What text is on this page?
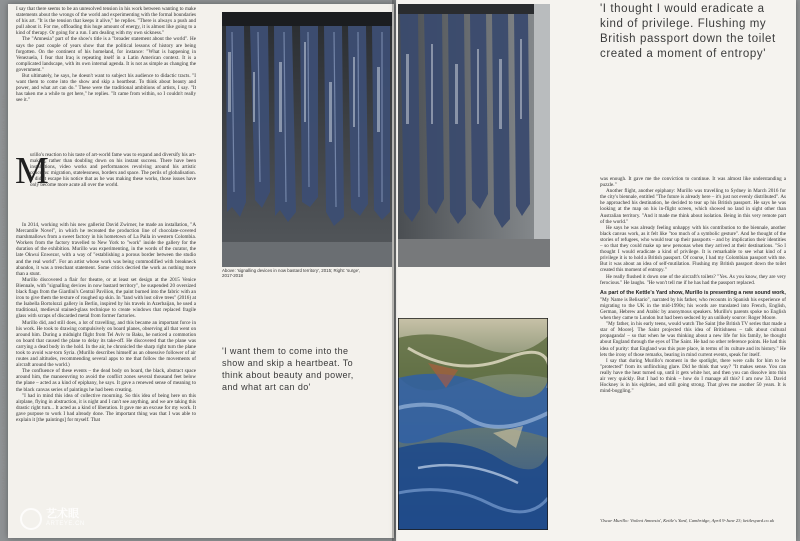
PHOTOGRAPHS BY MATTHEW HOLLOW; PREVIOUS COURTESY THE ARTIST AND DAVID ZWIRNER, LONDON AND NEW YORK; ON THIS PAGE: MATTHEW HOLLOW; KETTLE'S YARD AND THE ARTIST; INSTALLATION VIEW, BERLIN

I say that there seems to be an unresolved tension in his work between wanting to make statements about the wrongs of the world and experimenting with the formal boundaries of his art. "It is the tension that keeps it alive," he replies. "There is always a push and pull about it. For me, offloading this huge amount of energy, it is almost like going to a kind of therapy. Or going for a run. I am dealing with my own sickness."

The "Amnesia" part of the show's title is a "broader statement about the world". He says the past couple of years show that the political lessons of history are being forgotten. On the continent of his homeland, for instance: "What is happening in Venezuela, I fear that Iraq is repeating itself in a Latin American context. It is a complicated landscape, with its own internal agenda. It is not as simple as changing the government."

But ultimately, he says, he doesn't want to subject his audience to didactic tracts. "I want them to come into the show and skip a heartbeat. To think about beauty and power, and what art can do." These were the traditional ambitions of artists, I say. "It has taken me a while to get here," he replies. "It came from within, so I couldn't really see it."

M

urillo's reaction to his taste of art-world fame was to expand and diversify his art-making, rather than doubling down on his instant success. There have been installations, video works and performances revolving around his artistic concerns: migration, statelessness, borders and space. The perils of globalisation. It didn't escape his notice that as he was making these works, those issues have only become more acute all over the world.

In 2014, working with his new gallerist David Zwirner, he made an installation, "A Mercantile Novel", in which he recreated the production line of chocolate-covered marshmallows from a sweet factory in his hometown of La Paila in western Colombia. Workers from the factory travelled to New York to "work" inside the gallery for the duration of the exhibition. Murillo was experimenting, in the words of the curator, the late Okwui Enwezor, with a way of "establishing a porous border between the studio and the real world". For an artist whose work was being commodified with breakneck abandon, it was a trenchant statement. Some critics decried the work as nothing more than a stunt.

Murillo discovered a flair for theatre, or at least set design at the 2015 Venice Biennale, with "signalling devices in now bastard territory", he suspended 20 oversized black flags from the Giardini's Central Pavilion, the paint burned into the fabric with an iron to give them the texture of roughed up skin. In "land with lost olive trees" (2016) at the Isabella Bortolozzi gallery in Berlin, inspired by his travels in Azerbaijan, he used a traditional, medieval stained-glass technique to create windows that replaced fragile glass with scraps of discarded metal from former factories.

Murillo did, and still does, a lot of travelling, and this became an important force in his work. He took to drawing compulsively on board planes, observing all that went on around him. During a midnight flight from Tel Aviv to Baku, he noticed a commotion on board that caused the plane to delay its take-off. He discovered that the plane was carrying a dead body in the hold. In the air, he chronicled the sharp right turn the plane took to avoid war-torn Syria. (Murillo describes himself as an obsessive follower of air routes and altitudes, recommending several apps to me that follow the movements of aircraft around the world.)

The confluence of these events – the dead body on board, the black, abstract space around him, the manoeuvring to avoid the conflict zones several thousand feet below the plane – acted as a kind of epiphany, he says. It gave a renewed sense of meaning to the black canvas series of paintings he had been creating.

"I had in mind this idea of collective mourning. So this idea of being here on this airplane, flying in abstraction, it is night and I can't see anything, and we are taking this drastic right turn... It acted as a kind of liberation. It gave me an excuse for my work. It gave purpose to work I had already done. The important thing was that I was able to explain it [the paintings] for myself. That

Above: 'signalling devices in now bastard territory', 2015; Right: 'surge', 2017-2018
'I want them to come into the show and skip a heartbeat. To think about beauty and power, and what art can do'
'I thought I would eradicate a kind of privilege. Flushing my British passport down the toilet created a moment of entropy'

was enough. It gave me the conviction to continue. It was almost like understanding a puzzle."

Another flight, another epiphany: Murillo was travelling to Sydney in March 2016 for the city's biennale, entitled "The future is already here – it's just not evenly distributed". As he approached his destination, he decided to tear up his British passport. He says he was looking at the map on his in-flight screen, which showed no land in sight other than Australian territory. "And it made me think about isolation. Being in this very remote part of the world."

He says he was already feeling unhappy with his contribution to the biennale, another black canvas work, as it felt like "too much of a symbolic gesture". And he thought of the stories of refugees, who would tear up their passports – and by implication their identities – so that they could make up new personas when they arrived at their destinations. "So I thought I would eradicate a kind of privilege. It is remarkable to see what kind of a privilege it is to hold a British passport. Of course, I had my Colombian passport with me. But it was about an idea of self-mutilation. Flushing my British passport down the toilet created this moment of entropy."

He really flushed it down one of the aircraft's toilets? "Yes. As you know, they are very ferocious." He laughs. "He won't tell me if he has had the passport replaced.

As part of the Kettle's Yard show, Murillo is presenting a new sound work,

"My Name is Belisario", narrated by his father, who recounts in Spanish his experience of migrating to the UK in the mid-1990s; his words are translated into French, English, German, Hebrew and Arabic by anonymous speakers. Murillo's parents spoke no English when they came to London but had been seduced by an unlikely source: Roger Moore.

"My father, in his early teens, would watch The Saint [the British TV series that made a star of Moore]. The Saint projected this idea of Britishness – talk about cultural propaganda! – so that when he was thinking about a new life for his family, he thought about England through the eyes of The Saint. He had no other reference points. He had this idea of purity: that England was this pure place, in terms of its culture and its history." He lets the irony of those remarks, bearing in mind current events, speak for itself.

I say that during Murillo's moment in the spotlight, there were calls for him to be "protected" from its unflinching glare. Did he think that way? "It makes sense. You can really have the heat turned up, until it gets white hot, and then you can dissolve into thin air very quickly. But I had to think – how do I manage all this? I am now 33. David Hockney is in his eighties, and still going strong. That gives me another 50 years. It is mind-boggling."

'Oscar Murillo: Violent Amnesia', Kettle's Yard, Cambridge, April 9-June 23; kettlesyard.co.uk
艺术眼
ARTEYE.CN
